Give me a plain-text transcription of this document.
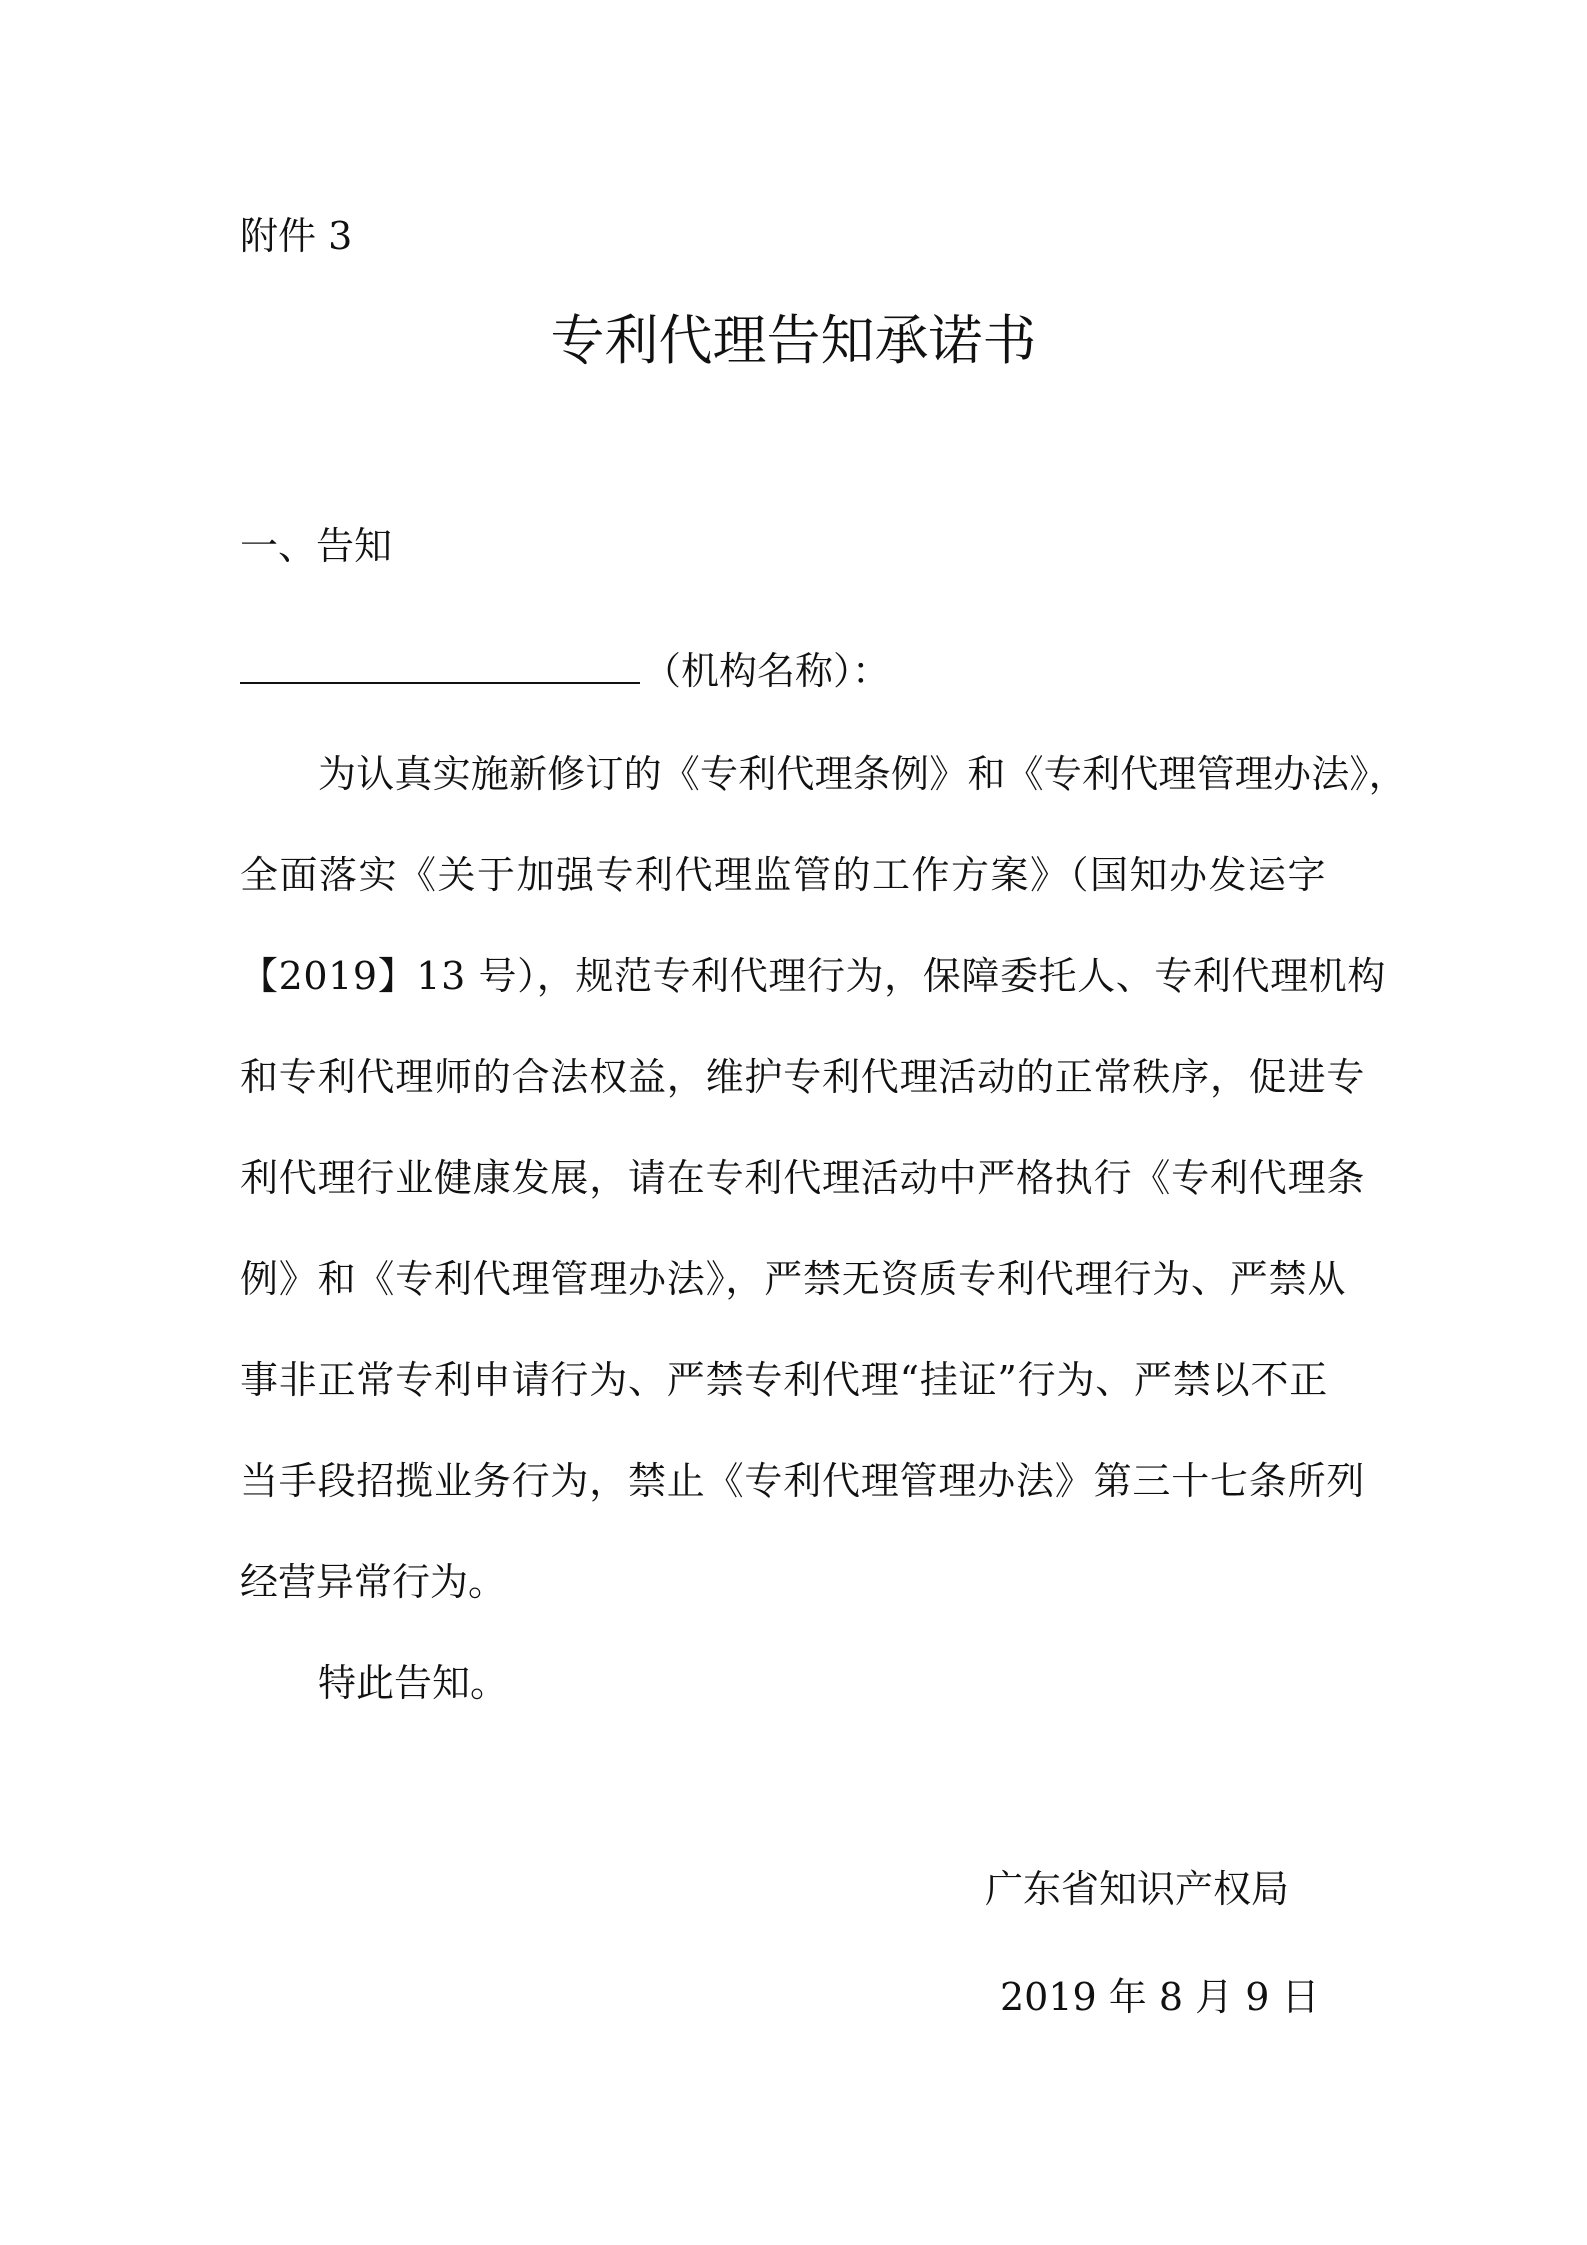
附件 3
专利代理告知承诺书
一、告知
（机构名称）：
为认真实施新修订的《专利代理条例》和《专利代理管理办法》，
全面落实《关于加强专利代理监管的工作方案》（国知办发运字
【2019】13 号），规范专利代理行为，保障委托人、专利代理机构
和专利代理师的合法权益，维护专利代理活动的正常秩序，促进专
利代理行业健康发展，请在专利代理活动中严格执行《专利代理条
例》和《专利代理管理办法》，严禁无资质专利代理行为、严禁从
事非正常专利申请行为、严禁专利代理“挂证”行为、严禁以不正
当手段招揽业务行为，禁止《专利代理管理办法》第三十七条所列
经营异常行为。
特此告知。
广东省知识产权局
2019 年 8 月 9 日
